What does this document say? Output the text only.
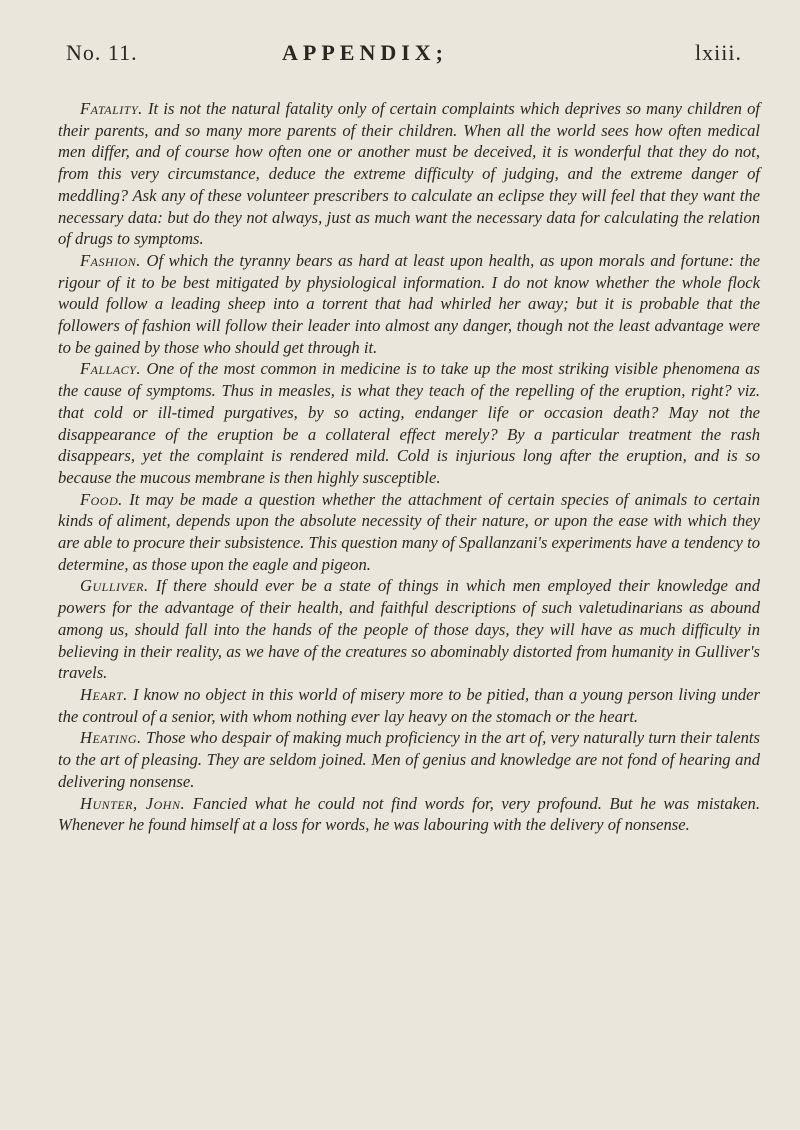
No. 11.	APPENDIX;	lxiii.

Fatality. It is not the natural fatality only of certain complaints which deprives so many children of their parents, and so many more parents of their children. When all the world sees how often medical men differ, and of course how often one or another must be deceived, it is wonderful that they do not, from this very circumstance, deduce the extreme difficulty of judging, and the extreme danger of meddling? Ask any of these volunteer prescribers to calculate an eclipse they will feel that they want the necessary data: but do they not always, just as much want the necessary data for calculating the relation of drugs to symptoms.

Fashion. Of which the tyranny bears as hard at least upon health, as upon morals and fortune: the rigour of it to be best mitigated by physiological information. I do not know whether the whole flock would follow a leading sheep into a torrent that had whirled her away; but it is probable that the followers of fashion will follow their leader into almost any danger, though not the least advantage were to be gained by those who should get through it.

Fallacy. One of the most common in medicine is to take up the most striking visible phenomena as the cause of symptoms. Thus in measles, is what they teach of the repelling of the eruption, right? viz. that cold or ill-timed purgatives, by so acting, endanger life or occasion death? May not the disappearance of the eruption be a collateral effect merely? By a particular treatment the rash disappears, yet the complaint is rendered mild. Cold is injurious long after the eruption, and is so because the mucous membrane is then highly susceptible.

Food. It may be made a question whether the attachment of certain species of animals to certain kinds of aliment, depends upon the absolute necessity of their nature, or upon the ease with which they are able to procure their subsistence. This question many of Spallanzani's experiments have a tendency to determine, as those upon the eagle and pigeon.

Gulliver. If there should ever be a state of things in which men employed their knowledge and powers for the advantage of their health, and faithful descriptions of such valetudinarians as abound among us, should fall into the hands of the people of those days, they will have as much difficulty in believing in their reality, as we have of the creatures so abominably distorted from humanity in Gulliver's travels.

Heart. I know no object in this world of misery more to be pitied, than a young person living under the controul of a senior, with whom nothing ever lay heavy on the stomach or the heart.

Heating. Those who despair of making much proficiency in the art of, very naturally turn their talents to the art of pleasing. They are seldom joined. Men of genius and knowledge are not fond of hearing and delivering nonsense.

Hunter, John. Fancied what he could not find words for, very profound. But he was mistaken. Whenever he found himself at a loss for words, he was labouring with the delivery of nonsense.
